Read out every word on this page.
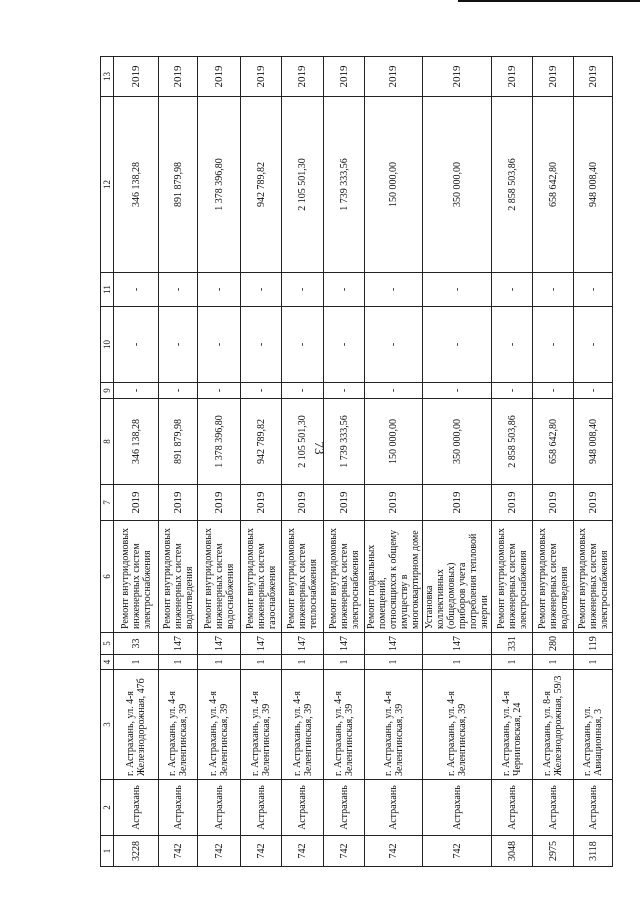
73
1	2	3	4	5	6	7	8	9	10	11	12	13
3228	Астрахань	г. Астрахань, ул. 4-я Железнодорожная, 47б	1	33	Ремонт внутридомовых инженерных систем электроснабжения	2019	346 138,28	-	-	-	346 138,28	2019
742	Астрахань	г. Астрахань, ул. 4-я Зеленгинская, 39	1	147	Ремонт внутридомовых инженерных систем водоотведения	2019	891 879,98	-	-	-	891 879,98	2019
742	Астрахань	г. Астрахань, ул. 4-я Зеленгинская, 39	1	147	Ремонт внутридомовых инженерных систем водоснабжения	2019	1 378 396,80	-	-	-	1 378 396,80	2019
742	Астрахань	г. Астрахань, ул. 4-я Зеленгинская, 39	1	147	Ремонт внутридомовых инженерных систем газоснабжения	2019	942 789,82	-	-	-	942 789,82	2019
742	Астрахань	г. Астрахань, ул. 4-я Зеленгинская, 39	1	147	Ремонт внутридомовых инженерных систем теплоснабжения	2019	2 105 501,30	-	-	-	2 105 501,30	2019
742	Астрахань	г. Астрахань, ул. 4-я Зеленгинская, 39	1	147	Ремонт внутридомовых инженерных систем электроснабжения	2019	1 739 333,56	-	-	-	1 739 333,56	2019
742	Астрахань	г. Астрахань, ул. 4-я Зеленгинская, 39	1	147	Ремонт подвальных помещений, относящихся к общему имуществу в многоквартирном доме	2019	150 000,00	-	-	-	150 000,00	2019
742	Астрахань	г. Астрахань, ул. 4-я Зеленгинская, 39	1	147	Установка коллективных (общедомовых) приборов учета потребления тепловой энергии	2019	350 000,00	-	-	-	350 000,00	2019
3048	Астрахань	г. Астрахань, ул. 4-я Черниговская, 24	1	331	Ремонт внутридомовых инженерных систем электроснабжения	2019	2 858 503,86	-	-	-	2 858 503,86	2019
2975	Астрахань	г. Астрахань, ул. 8-я Железнодорожная, 59/3	1	280	Ремонт внутридомовых инженерных систем водоотведения	2019	658 642,80	-	-	-	658 642,80	2019
3118	Астрахань	г. Астрахань, ул. Авиационная, 3	1	119	Ремонт внутридомовых инженерных систем электроснабжения	2019	948 008,40	-	-	-	948 008,40	2019
